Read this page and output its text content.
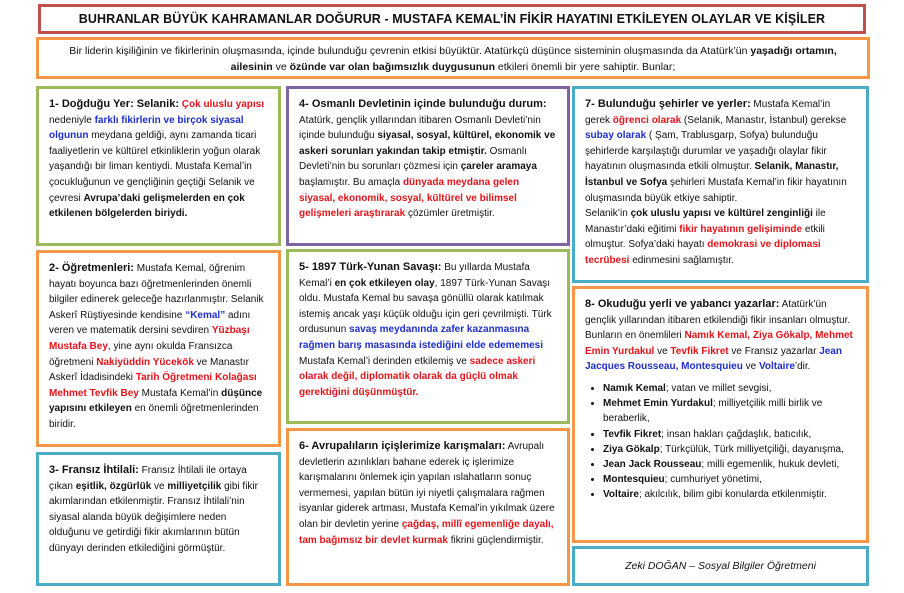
BUHRANLAR BÜYÜK KAHRAMANLAR DOĞURUR - MUSTAFA KEMAL’İN FİKİR HAYATINI ETKİLEYEN OLAYLAR VE KİŞİLER
Bir liderin kişiliğinin ve fikirlerinin oluşmasında, içinde bulunduğu çevrenin etkisi büyüktür. Atatürkçü düşünce sisteminin oluşmasında da Atatürk’ün yaşadığı ortamın,
ailesinin ve özünde var olan bağımsızlık duygusunun etkileri önemli bir yere sahiptir. Bunlar;

1- Doğduğu Yer: Selanik: Çok uluslu yapısı nedeniyle farklı fikirlerin ve birçok siyasal olgunun meydana geldiği, aynı zamanda ticari faaliyetlerin ve kültürel etkinliklerin yoğun olarak yaşandığı bir liman kentiydi. Mustafa Kemal’in çocukluğunun ve gençliğinin geçtiği Selanik ve çevresi Avrupa’daki gelişmelerden en çok etkilenen bölgelerden biriydi.

2- Öğretmenleri: Mustafa Kemal, öğrenim hayatı boyunca bazı öğretmenlerinden önemli bilgiler edinerek geleceğe hazırlanmıştır. Selanik Askerî Rüştiyesinde kendisine “Kemal” adını veren ve matematik dersini sevdiren Yüzbaşı Mustafa Bey, yine aynı okulda Fransızca öğretmeni Nakiyüddin Yücekök ve Manastır Askerî İdadisindeki Tarih Öğretmeni Kolağası Mehmet Tevfik Bey Mustafa Kemal’in düşünce yapısını etkileyen en önemli öğretmenlerinden biridir.

3- Fransız İhtilali: Fransız İhtilali ile ortaya çıkan eşitlik, özgürlük ve milliyetçilik gibi fikir akımlarından etkilenmiştir. Fransız İhtilali’nin siyasal alanda büyük değişimlere neden olduğunu ve getirdiği fikir akımlarının bütün dünyayı derinden etkilediğini görmüştür.

4- Osmanlı Devletinin içinde bulunduğu durum: Atatürk, gençlik yıllarından itibaren Osmanlı Devleti’nin içinde bulunduğu siyasal, sosyal, kültürel, ekonomik ve askeri sorunları yakından takip etmiştir. Osmanlı Devleti’nin bu sorunları çözmesi için çareler aramaya başlamıştır. Bu amaçla dünyada meydana gelen siyasal, ekonomik, sosyal, kültürel ve bilimsel gelişmeleri araştırarak çözümler üretmiştir.

5- 1897 Türk-Yunan Savaşı: Bu yıllarda Mustafa Kemal’i en çok etkileyen olay, 1897 Türk-Yunan Savaşı oldu. Mustafa Kemal bu savaşa gönüllü olarak katılmak istemiş ancak yaşı küçük olduğu için geri çevrilmişti. Türk ordusunun savaş meydanında zafer kazanmasına rağmen barış masasında istediğini elde edememesi Mustafa Kemal’i derinden etkilemiş ve sadece askeri olarak değil, diplomatik olarak da güçlü olmak gerektiğini düşünmüştür.

6- Avrupalıların içişlerimize karışmaları: Avrupalı devletlerin azınlıkları bahane ederek iç işlerimize karışmalarını önlemek için yapılan ıslahatların sonuç vermemesi, yapılan bütün iyi niyetli çalışmalara rağmen isyanlar giderek artması, Mustafa Kemal’in yıkılmak üzere olan bir devletin yerine çağdaş, millî egemenliğe dayalı, tam bağımsız bir devlet kurmak fikrini güçlendirmiştir.

7- Bulunduğu şehirler ve yerler: Mustafa Kemal’in gerek öğrenci olarak (Selanik, Manastır, İstanbul) gerekse subay olarak ( Şam, Trablusgarp, Sofya) bulunduğu şehirlerde karşılaştığı durumlar ve yaşadığı olaylar fikir hayatının oluşmasında etkili olmuştur. Selanik, Manastır, İstanbul ve Sofya şehirleri Mustafa Kemal’in fikir hayatının oluşmasında büyük etkiye sahiptir.

Selanik’in çok uluslu yapısı ve kültürel zenginliği ile Manastır’daki eğitimi fikir hayatının gelişiminde etkili olmuştur. Sofya’daki hayatı demokrasi ve diplomasi tecrübesi edinmesini sağlamıştır.

8- Okuduğu yerli ve yabancı yazarlar: Atatürk’ün gençlik yıllarından itibaren etkilendiği fikir insanları olmuştur. Bunların en önemlileri Namık Kemal, Ziya Gökalp, Mehmet Emin Yurdakul ve Tevfik Fikret ve Fransız yazarlar Jean Jacques Rousseau, Montesquieu ve Voltaire’dir.

• Namık Kemal; vatan ve millet sevgisi,
• Mehmet Emin Yurdakul; milliyetçilik milli birlik ve beraberlik,
• Tevfik Fikret; insan hakları çağdaşlık, batıcılık,
• Ziya Gökalp; Türkçülük, Türk milliyetçiliği, dayanışma,
• Jean Jack Rousseau; milli egemenlik, hukuk devleti,
• Montesquieu; cumhuriyet yönetimi,
• Voltaire; akılcılık, bilim gibi konularda etkilenmiştir.
Zeki DOĞAN – Sosyal Bilgiler Öğretmeni
